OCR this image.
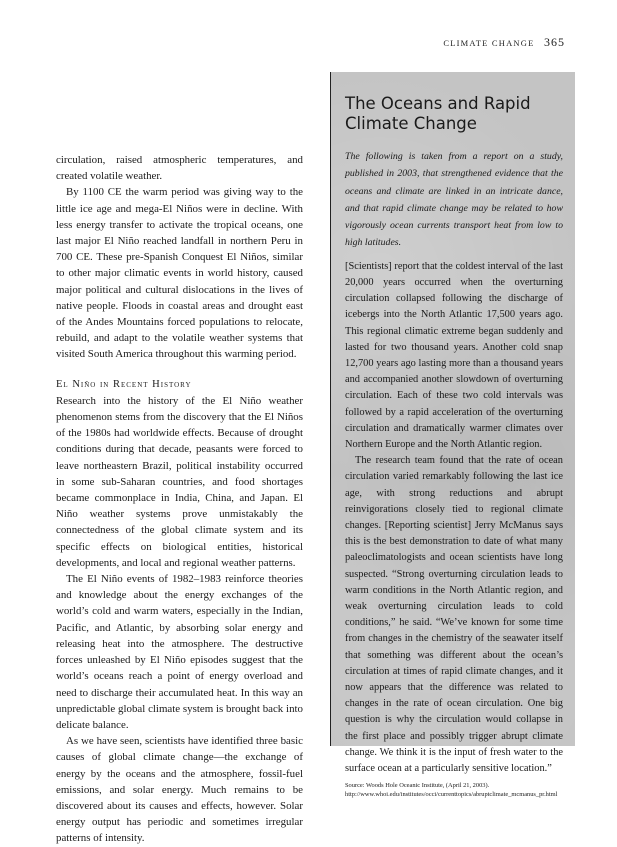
CLIMATE CHANGE 365

circulation, raised atmospheric temperatures, and created volatile weather.

By 1100 CE the warm period was giving way to the little ice age and mega-El Niños were in decline. With less energy transfer to activate the tropical oceans, one last major El Niño reached landfall in northern Peru in 700 CE. These pre-Spanish Conquest El Niños, similar to other major climatic events in world history, caused major political and cultural dislocations in the lives of native people. Floods in coastal areas and drought east of the Andes Mountains forced populations to relocate, rebuild, and adapt to the volatile weather systems that visited South America throughout this warming period.

El Niño in Recent History

Research into the history of the El Niño weather phenomenon stems from the discovery that the El Niños of the 1980s had worldwide effects. Because of drought conditions during that decade, peasants were forced to leave northeastern Brazil, political instability occurred in some sub-Saharan countries, and food shortages became commonplace in India, China, and Japan. El Niño weather systems prove unmistakably the connectedness of the global climate system and its specific effects on biological entities, historical developments, and local and regional weather patterns.

The El Niño events of 1982–1983 reinforce theories and knowledge about the energy exchanges of the world’s cold and warm waters, especially in the Indian, Pacific, and Atlantic, by absorbing solar energy and releasing heat into the atmosphere. The destructive forces unleashed by El Niño episodes suggest that the world’s oceans reach a point of energy overload and need to discharge their accumulated heat. In this way an unpredictable global climate system is brought back into delicate balance.

As we have seen, scientists have identified three basic causes of global climate change—the exchange of energy by the oceans and the atmosphere, fossil-fuel emissions, and solar energy. Much remains to be discovered about its causes and effects, however. Solar energy output has periodic and sometimes irregular patterns of intensity.

The Oceans and Rapid Climate Change

The following is taken from a report on a study, published in 2003, that strengthened evidence that the oceans and climate are linked in an intricate dance, and that rapid climate change may be related to how vigorously ocean currents transport heat from low to high latitudes.

[Scientists] report that the coldest interval of the last 20,000 years occurred when the overturning circulation collapsed following the discharge of icebergs into the North Atlantic 17,500 years ago. This regional climatic extreme began suddenly and lasted for two thousand years. Another cold snap 12,700 years ago lasting more than a thousand years and accompanied another slowdown of overturning circulation. Each of these two cold intervals was followed by a rapid acceleration of the overturning circulation and dramatically warmer climates over Northern Europe and the North Atlantic region.

The research team found that the rate of ocean circulation varied remarkably following the last ice age, with strong reductions and abrupt reinvigorations closely tied to regional climate changes. [Reporting scientist] Jerry McManus says this is the best demonstration to date of what many paleoclimatologists and ocean scientists have long suspected. “Strong overturning circulation leads to warm conditions in the North Atlantic region, and weak overturning circulation leads to cold conditions,” he said. “We’ve known for some time from changes in the chemistry of the seawater itself that something was different about the ocean’s circulation at times of rapid climate changes, and it now appears that the difference was related to changes in the rate of ocean circulation. One big question is why the circulation would collapse in the first place and possibly trigger abrupt climate change. We think it is the input of fresh water to the surface ocean at a particularly sensitive location.”

Source: Woods Hole Oceanic Institute, (April 21, 2003). http://www.whoi.edu/institutes/occi/currenttopics/abruptclimate_mcmanus_pr.html
